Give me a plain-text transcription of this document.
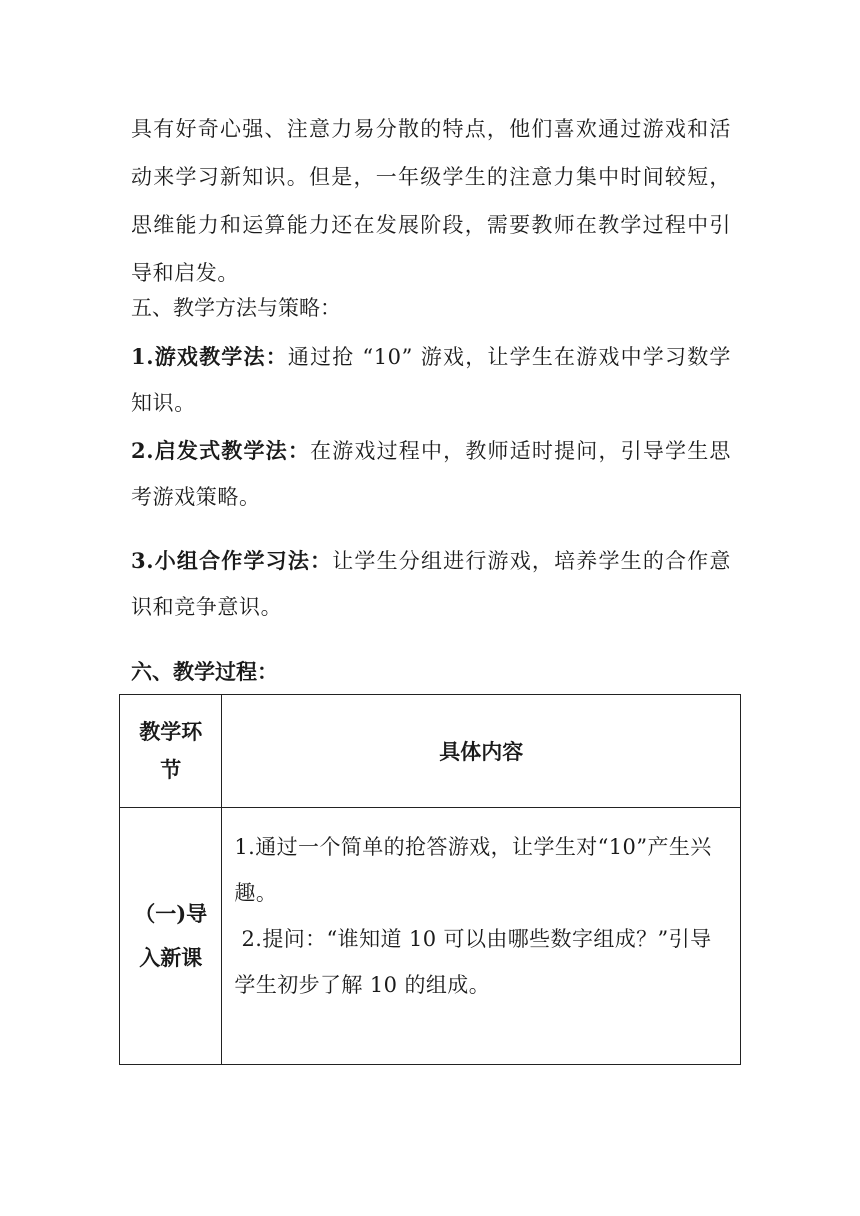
具有好奇心强、注意力易分散的特点，他们喜欢通过游戏和活动来学习新知识。但是，一年级学生的注意力集中时间较短，思维能力和运算能力还在发展阶段，需要教师在教学过程中引导和启发。

五、教学方法与策略：

1.游戏教学法：通过抢 “10” 游戏，让学生在游戏中学习数学知识。

2.启发式教学法：在游戏过程中，教师适时提问，引导学生思考游戏策略。

3.小组合作学习法：让学生分组进行游戏，培养学生的合作意识和竞争意识。

六、教学过程：

教学环节	具体内容

（一)导入新课	1.通过一个简单的抢答游戏，让学生对“10”产生兴趣。

2.提问：“谁知道 10 可以由哪些数字组成？”引导学生初步了解 10 的组成。
